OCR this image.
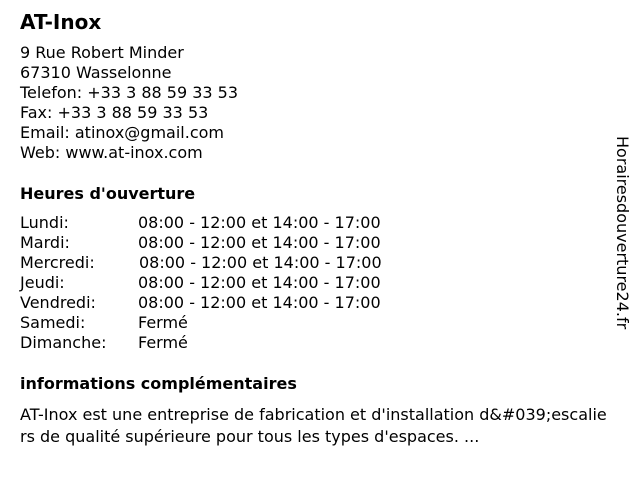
AT-Inox
9 Rue Robert Minder
67310 Wasselonne
Telefon: +33 3 88 59 33 53
Fax: +33 3 88 59 33 53
Email: atinox@gmail.com
Web: www.at-inox.com
Heures d'ouverture
Lundi:	08:00 - 12:00 et 14:00 - 17:00
Mardi:	08:00 - 12:00 et 14:00 - 17:00
Mercredi:	08:00 - 12:00 et 14:00 - 17:00
Jeudi:	08:00 - 12:00 et 14:00 - 17:00
Vendredi:	08:00 - 12:00 et 14:00 - 17:00
Samedi:	Fermé
Dimanche: Fermé
informations complémentaires
AT-Inox est une entreprise de fabrication et d'installation d&#039;escaliers de qualité supérieure pour tous les types d'espaces. ...
Horairesdouverture24.fr
